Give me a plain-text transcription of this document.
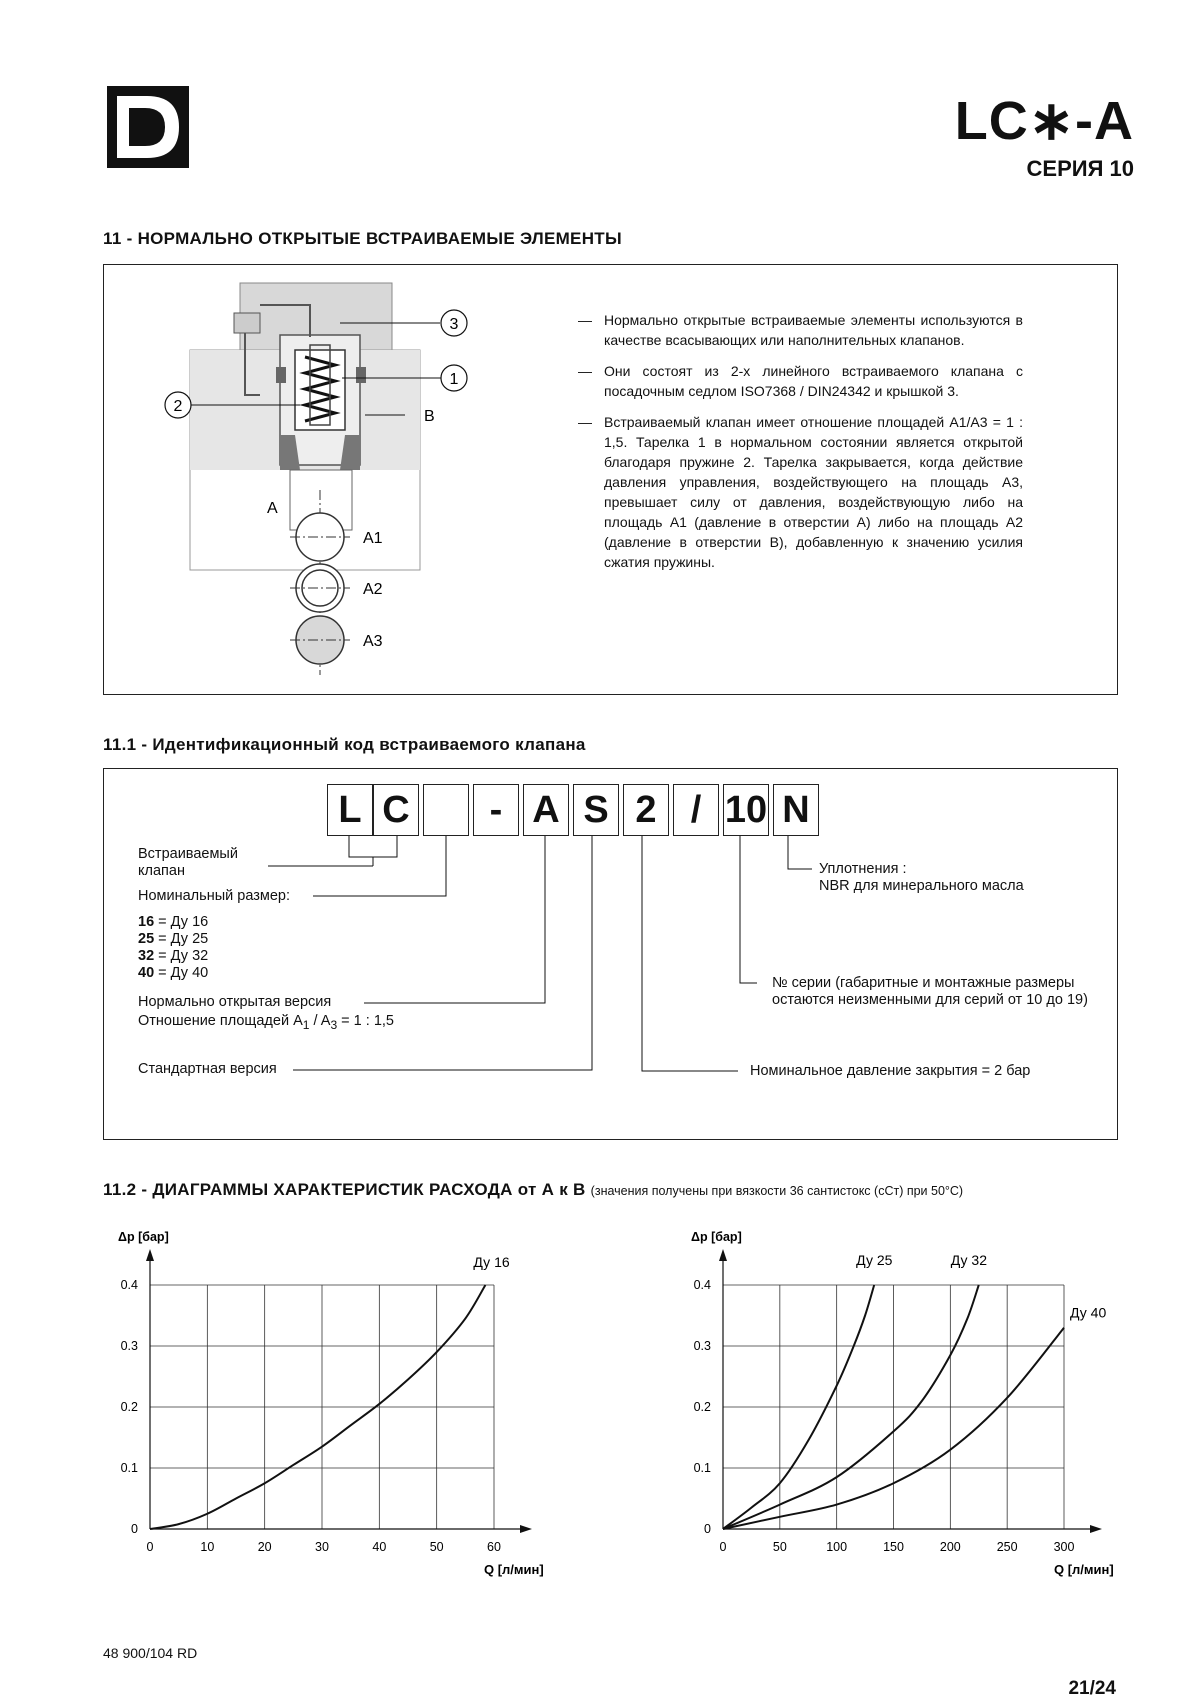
LC∗-A
СЕРИЯ 10
11 - НОРМАЛЬНО ОТКРЫТЫЕ ВСТРАИВАЕМЫЕ ЭЛЕМЕНТЫ
3
1
2
B
A
A1
A2
A3
— Нормально открытые встраиваемые элементы используются в качестве всасывающих или наполнительных клапанов.
— Они состоят из 2-х линейного встраиваемого клапана с посадочным седлом ISO7368 / DIN24342 и крышкой 3.
— Встраиваемый клапан имеет отношение площадей A1/A3 = 1 : 1,5. Тарелка 1 в нормальном состоянии является открытой благодаря пружине 2. Тарелка закрывается, когда действие давления управления, воздействующего на площадь A3, превышает силу от давления, воздействующую либо на площадь A1 (давление в отверстии A) либо на площадь A2 (давление в отверстии B), добавленную к значению усилия сжатия пружины.
11.1 - Идентификационный код встраиваемого клапана
L C	- A S 2 / 10 N
Встраиваемый
клапан
Номинальный размер:
16 = Ду 16
25 = Ду 25
32 = Ду 32
40 = Ду 40
Нормально открытая версия
Отношение площадей $A_1 / A_3 = 1$ : 1,5
Стандартная версия
Уплотнения :
NBR для минерального масла
№ серии (габаритные и монтажные размеры остаются неизменными для серий от 10 до 19)
Номинальное давление закрытия = 2 бар
11.2 - ДИАГРАММЫ ХАРАКТЕРИСТИК РАСХОДА от А к В (значения получены при вязкости 36 сантистокс (сСт) при 50°C)
0	10	20	30	40	50	60
0
0.1
0.2
0.3
0.4
Δp [бар]
Q [л/мин]
Ду 16
0	50	100	150	200	250	300
0
0.1
0.2
0.3
0.4
Δp [бар]
Q [л/мин]
Ду 25	Ду 32
Ду 40
48 900/104 RD
21/24
